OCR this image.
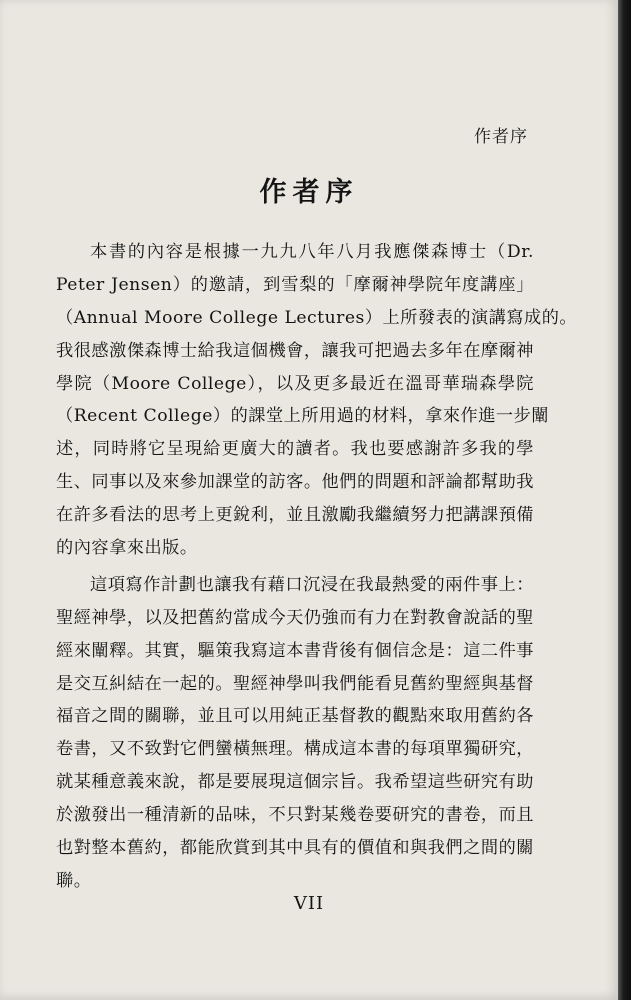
作者序
作者序
本書的內容是根據一九九八年八月我應傑森博士（Dr.
Peter Jensen）的邀請，到雪梨的「摩爾神學院年度講座」
（Annual Moore College Lectures）上所發表的演講寫成的。
我很感激傑森博士給我這個機會，讓我可把過去多年在摩爾神
學院（Moore College），以及更多最近在溫哥華瑞森學院
（Recent College）的課堂上所用過的材料，拿來作進一步闡
述，同時將它呈現給更廣大的讀者。我也要感謝許多我的學
生、同事以及來參加課堂的訪客。他們的問題和評論都幫助我
在許多看法的思考上更銳利，並且激勵我繼續努力把講課預備
的內容拿來出版。
這項寫作計劃也讓我有藉口沉浸在我最熱愛的兩件事上：
聖經神學，以及把舊約當成今天仍強而有力在對教會說話的聖
經來闡釋。其實，驅策我寫這本書背後有個信念是：這二件事
是交互糾結在一起的。聖經神學叫我們能看見舊約聖經與基督
福音之間的關聯，並且可以用純正基督教的觀點來取用舊約各
卷書，又不致對它們蠻橫無理。構成這本書的每項單獨研究，
就某種意義來說，都是要展現這個宗旨。我希望這些研究有助
於激發出一種清新的品味，不只對某幾卷要研究的書卷，而且
也對整本舊約，都能欣賞到其中具有的價值和與我們之間的關
聯。
VII
